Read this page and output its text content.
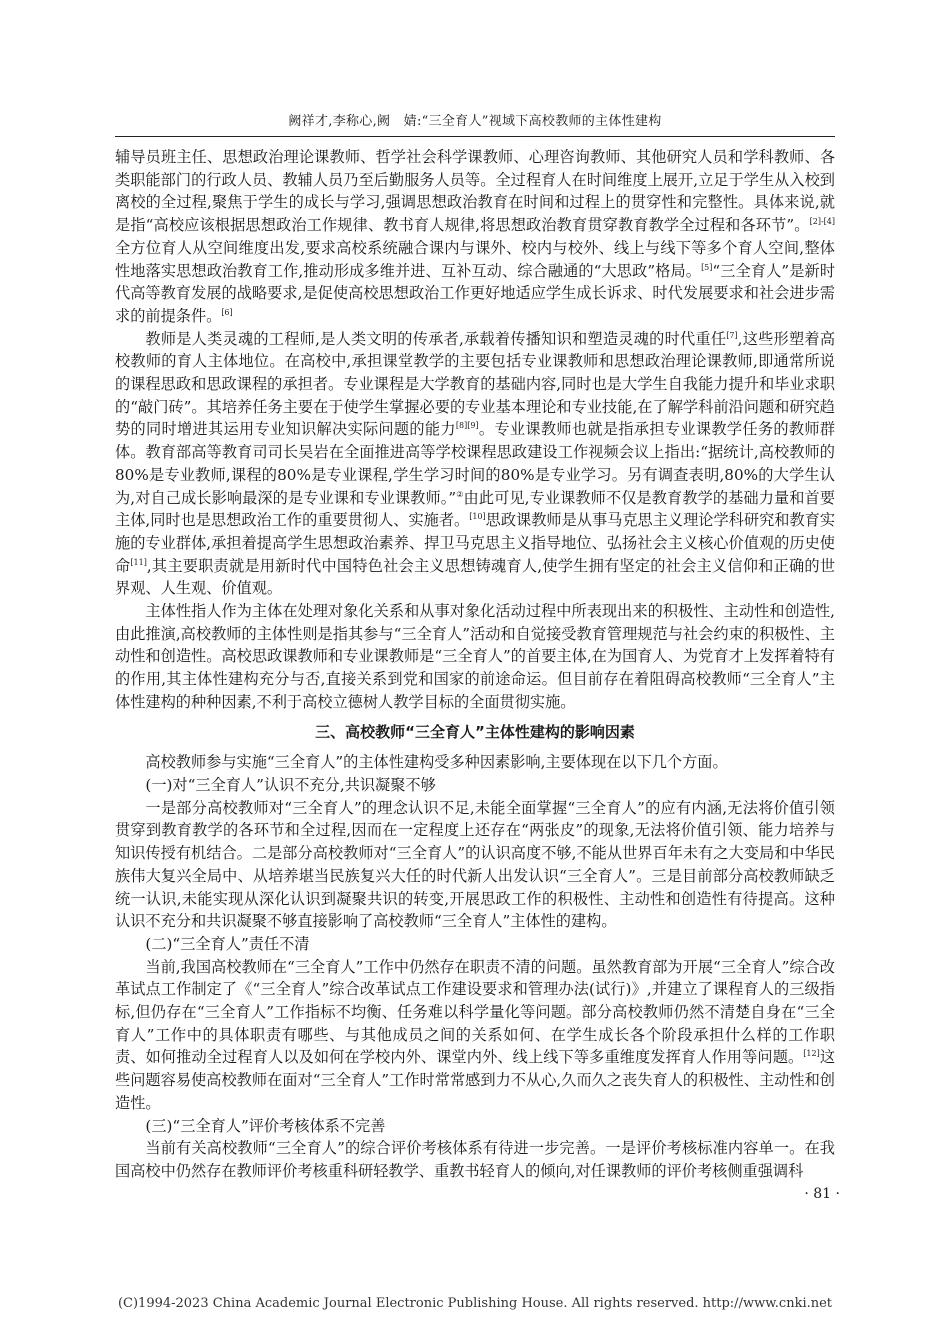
阙祥才,李称心,阙　婧:“三全育人”视域下高校教师的主体性建构

辅导员班主任、思想政治理论课教师、哲学社会科学课教师、心理咨询教师、其他研究人员和学科教师、各类职能部门的行政人员、教辅人员乃至后勤服务人员等。全过程育人在时间维度上展开,立足于学生从入校到离校的全过程,聚焦于学生的成长与学习,强调思想政治教育在时间和过程上的贯穿性和完整性。具体来说,就是指“高校应该根据思想政治工作规律、教书育人规律,将思想政治教育贯穿教育教学全过程和各环节”。[2]-[4]全方位育人从空间维度出发,要求高校系统融合课内与课外、校内与校外、线上与线下等多个育人空间,整体性地落实思想政治教育工作,推动形成多维并进、互补互动、综合融通的“大思政”格局。[5]“三全育人”是新时代高等教育发展的战略要求,是促使高校思想政治工作更好地适应学生成长诉求、时代发展要求和社会进步需求的前提条件。[6]

教师是人类灵魂的工程师,是人类文明的传承者,承载着传播知识和塑造灵魂的时代重任[7],这些形塑着高校教师的育人主体地位。在高校中,承担课堂教学的主要包括专业课教师和思想政治理论课教师,即通常所说的课程思政和思政课程的承担者。专业课程是大学教育的基础内容,同时也是大学生自我能力提升和毕业求职的“敲门砖”。其培养任务主要在于使学生掌握必要的专业基本理论和专业技能,在了解学科前沿问题和研究趋势的同时增进其运用专业知识解决实际问题的能力[8][9]。专业课教师也就是指承担专业课教学任务的教师群体。教育部高等教育司司长吴岩在全面推进高等学校课程思政建设工作视频会议上指出:“据统计,高校教师的80%是专业教师,课程的80%是专业课程,学生学习时间的80%是专业学习。另有调查表明,80%的大学生认为,对自己成长影响最深的是专业课和专业课教师。”②由此可见,专业课教师不仅是教育教学的基础力量和首要主体,同时也是思想政治工作的重要贯彻人、实施者。[10]思政课教师是从事马克思主义理论学科研究和教育实施的专业群体,承担着提高学生思想政治素养、捍卫马克思主义指导地位、弘扬社会主义核心价值观的历史使命[11],其主要职责就是用新时代中国特色社会主义思想铸魂育人,使学生拥有坚定的社会主义信仰和正确的世界观、人生观、价值观。

主体性指人作为主体在处理对象化关系和从事对象化活动过程中所表现出来的积极性、主动性和创造性,由此推演,高校教师的主体性则是指其参与“三全育人”活动和自觉接受教育管理规范与社会约束的积极性、主动性和创造性。高校思政课教师和专业课教师是“三全育人”的首要主体,在为国育人、为党育才上发挥着特有的作用,其主体性建构充分与否,直接关系到党和国家的前途命运。但目前存在着阻碍高校教师“三全育人”主体性建构的种种因素,不利于高校立德树人教学目标的全面贯彻实施。

三、高校教师“三全育人”主体性建构的影响因素

高校教师参与实施“三全育人”的主体性建构受多种因素影响,主要体现在以下几个方面。

(一)对“三全育人”认识不充分,共识凝聚不够

一是部分高校教师对“三全育人”的理念认识不足,未能全面掌握“三全育人”的应有内涵,无法将价值引领贯穿到教育教学的各环节和全过程,因而在一定程度上还存在“两张皮”的现象,无法将价值引领、能力培养与知识传授有机结合。二是部分高校教师对“三全育人”的认识高度不够,不能从世界百年未有之大变局和中华民族伟大复兴全局中、从培养堪当民族复兴大任的时代新人出发认识“三全育人”。三是目前部分高校教师缺乏统一认识,未能实现从深化认识到凝聚共识的转变,开展思政工作的积极性、主动性和创造性有待提高。这种认识不充分和共识凝聚不够直接影响了高校教师“三全育人”主体性的建构。

(二)“三全育人”责任不清

当前,我国高校教师在“三全育人”工作中仍然存在职责不清的问题。虽然教育部为开展“三全育人”综合改革试点工作制定了《“三全育人”综合改革试点工作建设要求和管理办法(试行)》,并建立了课程育人的三级指标,但仍存在“三全育人”工作指标不均衡、任务难以科学量化等问题。部分高校教师仍然不清楚自身在“三全育人”工作中的具体职责有哪些、与其他成员之间的关系如何、在学生成长各个阶段承担什么样的工作职责、如何推动全过程育人以及如何在学校内外、课堂内外、线上线下等多重维度发挥育人作用等问题。[12]这些问题容易使高校教师在面对“三全育人”工作时常常感到力不从心,久而久之丧失育人的积极性、主动性和创造性。

(三)“三全育人”评价考核体系不完善

当前有关高校教师“三全育人”的综合评价考核体系有待进一步完善。一是评价考核标准内容单一。在我国高校中仍然存在教师评价考核重科研轻教学、重教书轻育人的倾向,对任课教师的评价考核侧重强调科

· 81 ·
(C)1994-2023 China Academic Journal Electronic Publishing House. All rights reserved. http://www.cnki.net
